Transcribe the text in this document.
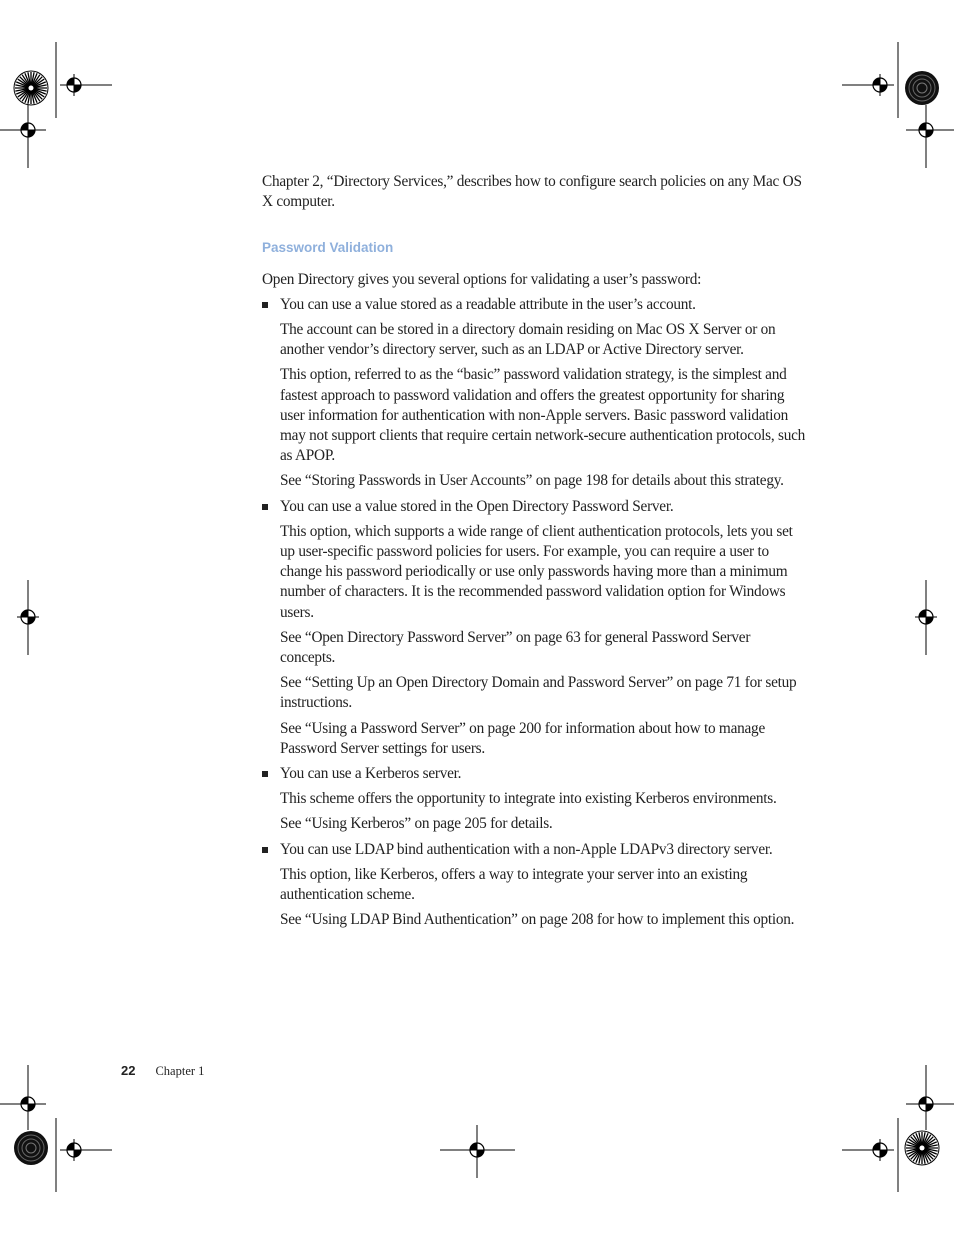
Chapter 2, “Directory Services,” describes how to configure search policies on any Mac OS X computer.

Password Validation

Open Directory gives you several options for validating a user’s password:

You can use a value stored as a readable attribute in the user’s account.

The account can be stored in a directory domain residing on Mac OS X Server or on another vendor’s directory server, such as an LDAP or Active Directory server.

This option, referred to as the “basic” password validation strategy, is the simplest and fastest approach to password validation and offers the greatest opportunity for sharing user information for authentication with non-Apple servers. Basic password validation may not support clients that require certain network-secure authentication protocols, such as APOP.

See “Storing Passwords in User Accounts” on page 198 for details about this strategy.

You can use a value stored in the Open Directory Password Server.

This option, which supports a wide range of client authentication protocols, lets you set up user-specific password policies for users. For example, you can require a user to change his password periodically or use only passwords having more than a minimum number of characters. It is the recommended password validation option for Windows users.

See “Open Directory Password Server” on page 63 for general Password Server concepts.

See “Setting Up an Open Directory Domain and Password Server” on page 71 for setup instructions.

See “Using a Password Server” on page 200 for information about how to manage Password Server settings for users.

You can use a Kerberos server.

This scheme offers the opportunity to integrate into existing Kerberos environments.

See “Using Kerberos” on page 205 for details.

You can use LDAP bind authentication with a non-Apple LDAPv3 directory server.

This option, like Kerberos, offers a way to integrate your server into an existing authentication scheme.

See “Using LDAP Bind Authentication” on page 208 for how to implement this option.

22 Chapter 1
